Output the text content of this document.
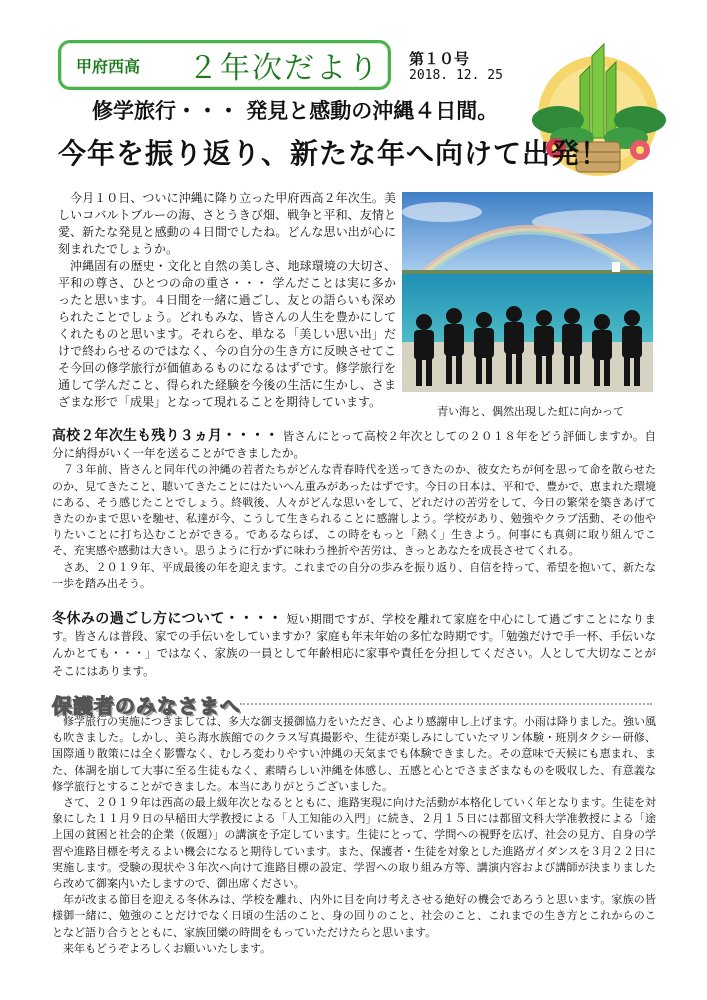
甲府西高 ２年次だより 第１０号
2018. 12. 25
修学旅行・・・ 発見と感動の沖縄４日間。
今年を振り返り、新たな年へ向けて出発！

今月１０日、ついに沖縄に降り立った甲府西高２年次生。美しいコバルトブルーの海、さとうきび畑、戦争と平和、友情と愛、新たな発見と感動の４日間でしたね。どんな思い出が心に刻まれたでしょうか。

沖縄固有の歴史・文化と自然の美しさ、地球環境の大切さ、平和の尊さ、ひとつの命の重さ・・・ 学んだことは実に多かったと思います。４日間を一緒に過ごし、友との語らいも深められたことでしょう。どれもみな、皆さんの人生を豊かにしてくれたものと思います。それらを、単なる「美しい思い出」だけで終わらせるのではなく、今の自分の生き方に反映させてこそ今回の修学旅行が価値あるものになるはずです。修学旅行を通して学んだこと、得られた経験を今後の生活に生かし、さまざまな形で「成果」となって現れることを期待しています。

青い海と、偶然出現した虹に向かって

高校２年次生も残り３ヵ月・・・・ 皆さんにとって高校２年次としての２０１８年をどう評価しますか。自分に納得がいく一年を送ることができましたか。

７３年前、皆さんと同年代の沖縄の若者たちがどんな青春時代を送ってきたのか、彼女たちが何を思って命を散らせたのか、見てきたこと、聴いてきたことにはたいへん重みがあったはずです。今日の日本は、平和で、豊かで、恵まれた環境にある、そう感じたことでしょう。終戦後、人々がどんな思いをして、どれだけの苦労をして、今日の繁栄を築きあげてきたのかまで思いを馳せ、私達が今、こうして生きられることに感謝しよう。学校があり、勉強やクラブ活動、その他やりたいことに打ち込むことができる。であるならば、この時をもっと「熱く」生きよう。何事にも真剣に取り組んでこそ、充実感や感動は大きい。思うように行かずに味わう挫折や苦労は、きっとあなたを成長させてくれる。

さあ、２０１９年、平成最後の年を迎えます。これまでの自分の歩みを振り返り、自信を持って、希望を抱いて、新たな一歩を踏み出そう。

冬休みの過ごし方について・・・・ 短い期間ですが、学校を離れて家庭を中心にして過ごすことになります。皆さんは普段、家での手伝いをしていますか？家庭も年末年始の多忙な時期です。「勉強だけで手一杯、手伝いなんかとても・・・」ではなく、家族の一員として年齢相応に家事や責任を分担してください。人として大切なことがそこにはあります。

保護者のみなさまへ

修学旅行の実施につきましては、多大な御支援御協力をいただき、心より感謝申し上げます。小雨は降りました。強い風も吹きました。しかし、美ら海水族館でのクラス写真撮影や、生徒が楽しみにしていたマリン体験・班別タクシー研修、国際通り散策には全く影響なく、むしろ変わりやすい沖縄の天気までも体験できました。その意味で天候にも恵まれ、また、体調を崩して大事に至る生徒もなく、素晴らしい沖縄を体感し、五感と心とでさまざまなものを吸収した、有意義な修学旅行とすることができました。本当にありがとうございました。

さて、２０１９年は西高の最上級年次となるとともに、進路実現に向けた活動が本格化していく年となります。生徒を対象にした１１月９日の早稲田大学教授による「人工知能の入門」に続き、２月１５日には都留文科大学准教授による「途上国の貧困と社会的企業（仮題）」の講演を予定しています。生徒にとって、学問への視野を広げ、社会の見方、自身の学習や進路目標を考えるよい機会になると期待しています。また、保護者・生徒を対象とした進路ガイダンスを３月２２日に実施します。受験の現状や３年次へ向けて進路目標の設定、学習への取り組み方等、講演内容および講師が決まりましたら改めて御案内いたしますので、御出席ください。

年が改まる節目を迎える冬休みは、学校を離れ、内外に目を向け考えさせる絶好の機会であろうと思います。家族の皆様御一緒に、勉強のことだけでなく日頃の生活のこと、身の回りのこと、社会のこと、これまでの生き方とこれからのことなど語り合うとともに、家族団欒の時間をもっていただけたらと思います。

来年もどうぞよろしくお願いいたします。
